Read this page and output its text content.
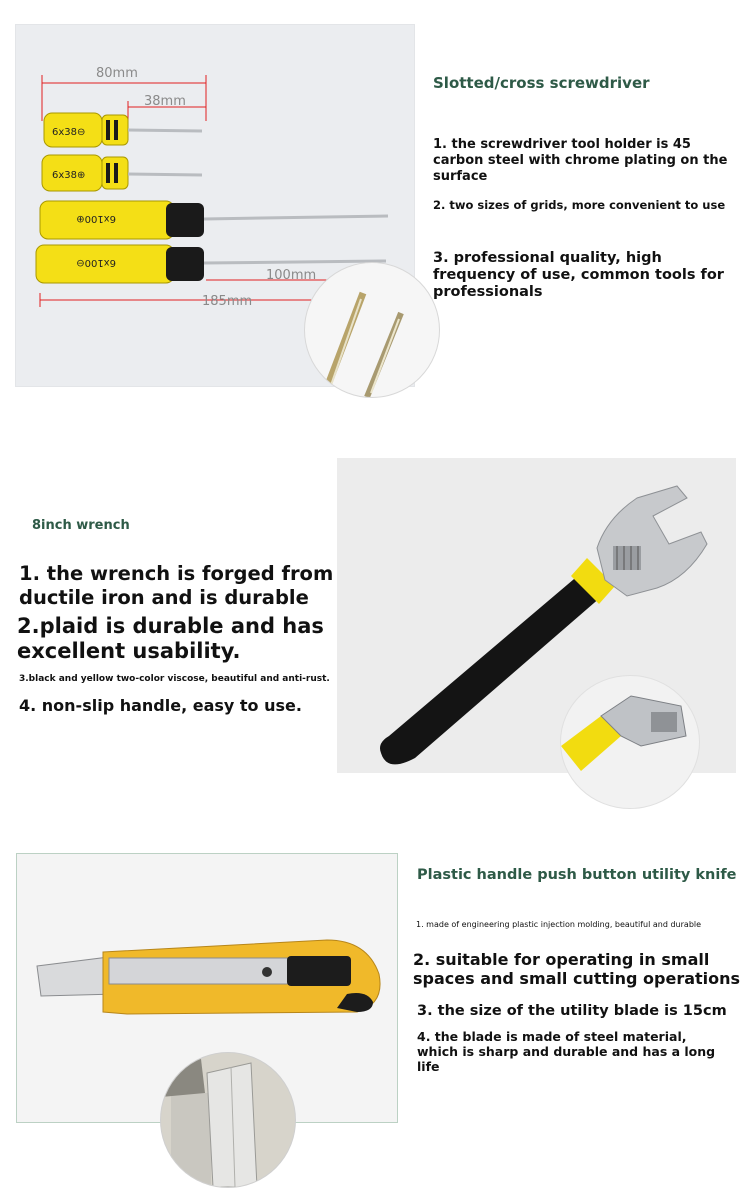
80mm
38mm
100mm
185mm
6x38⊖
6x38⊕
6x100⊕
6x100⊖
Slotted/cross screwdriver
1. the screwdriver tool holder is 45 carbon steel with chrome plating on the surface
2. two sizes of grids, more convenient to use
3. professional quality, high frequency of use, common tools for professionals
8inch wrench
1. the wrench is forged from ductile iron and is durable
2.plaid is durable and has excellent usability.
3.black and yellow two-color viscose, beautiful and anti-rust.
4. non-slip handle, easy to use.
Plastic handle push button utility knife
1. made of engineering plastic injection molding, beautiful and durable
2. suitable for operating in small spaces and small cutting operations
3. the size of the utility blade is 15cm
4. the blade is made of steel material, which is sharp and durable and has a long life
